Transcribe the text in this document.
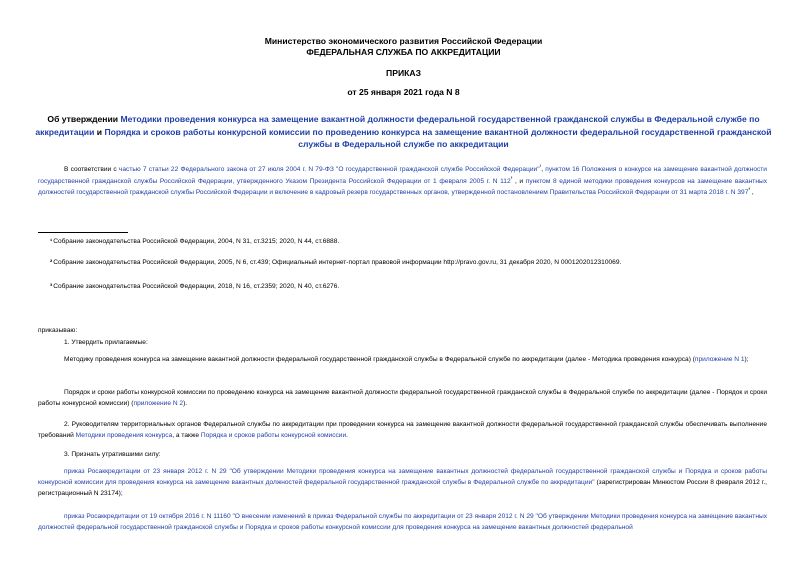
Министерство экономического развития Российской Федерации
ФЕДЕРАЛЬНАЯ СЛУЖБА ПО АККРЕДИТАЦИИ
ПРИКАЗ
от 25 января 2021 года N 8
Об утверждении Методики проведения конкурса на замещение вакантной должности федеральной государственной гражданской службы в Федеральной службе по аккредитации и Порядка и сроков работы конкурсной комиссии по проведению конкурса на замещение вакантной должности федеральной государственной гражданской службы в Федеральной службе по аккредитации
В соответствии с частью 7 статьи 22 Федерального закона от 27 июля 2004 г. N 79-ФЗ "О государственной гражданской службе Российской Федерации"$^{^1}$, пунктом 16 Положения о конкурсе на замещение вакантной должности государственной гражданской службы Российской Федерации, утвержденного Указом Президента Российской Федерации от 1 февраля 2005 г. N $112^{^2}$ , и пунктом 8 единой методики проведения конкурсов на замещение вакантных должностей государственной гражданской службы Российской Федерации и включение в кадровый резерв государственных органов, утвержденной постановлением Правительства Российской Федерации от 31 марта 2018 г. N $397^{^3}$ ,
¹Собрание законодательства Российской Федерации, 2004, N 31, ст.3215; 2020, N 44, ст.6888.
²Собрание законодательства Российской Федерации, 2005, N 6, ст.439; Официальный интернет-портал правовой информации http://pravo.gov.ru, 31 декабря 2020, N 0001202012310069.
³Собрание законодательства Российской Федерации, 2018, N 16, ст.2359; 2020, N 40, ст.6276.
приказываю:
1. Утвердить прилагаемые:
Методику проведения конкурса на замещение вакантной должности федеральной государственной гражданской службы в Федеральной службе по аккредитации (далее - Методика проведения конкурса) (приложение N 1);
Порядок и сроки работы конкурсной комиссии по проведению конкурса на замещение вакантной должности федеральной государственной гражданской службы в Федеральной службе по аккредитации (далее - Порядок и сроки работы конкурсной комиссии) (приложение N 2).
2. Руководителям территориальных органов Федеральной службы по аккредитации при проведении конкурса на замещение вакантной должности федеральной государственной гражданской службы обеспечивать выполнение требований Методики проведения конкурса, а также Порядка и сроков работы конкурсной комиссии.
3. Признать утратившими силу:
приказ Росаккредитации от 23 января 2012 г. N 29 "Об утверждении Методики проведения конкурса на замещение вакантных должностей федеральной государственной гражданской службы и Порядка и сроков работы конкурсной комиссии для проведения конкурса на замещение вакантных должностей федеральной государственной гражданской службы в Федеральной службе по аккредитации" (зарегистрирован Минюстом России 8 февраля 2012 г., регистрационный N 23174);
приказ Росаккредитации от 19 октября 2016 г. N 11160 "О внесении изменений в приказ Федеральной службы по аккредитации от 23 января 2012 г. N 29 "Об утверждении Методики проведения конкурса на замещение вакантных должностей федеральной государственной гражданской службы и Порядка и сроков работы конкурсной комиссии для проведения конкурса на замещение вакантных должностей федеральной
